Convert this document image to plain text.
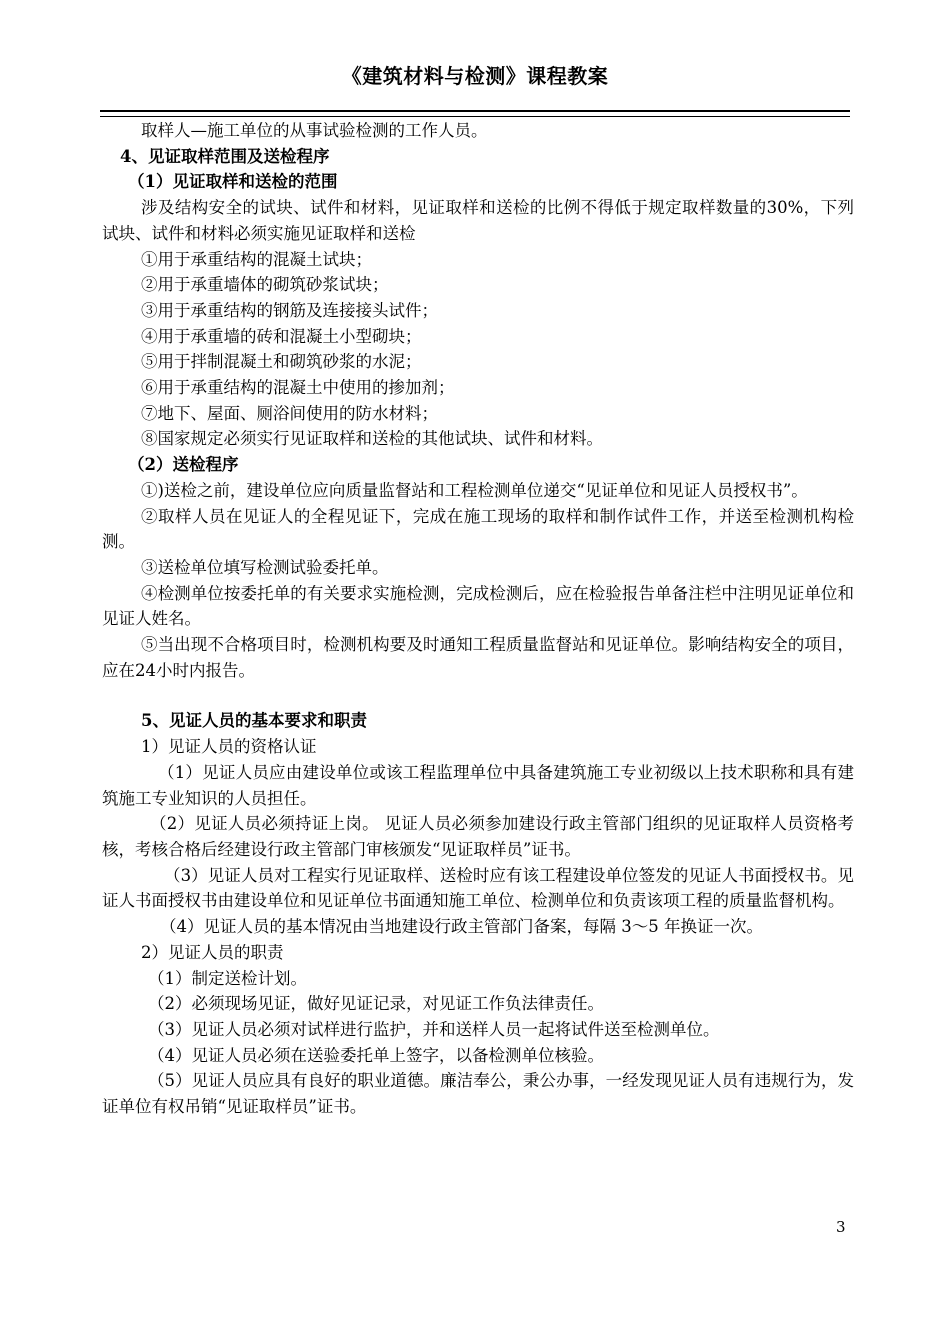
《建筑材料与检测》课程教案

取样人—施工单位的从事试验检测的工作人员。

4、见证取样范围及送检程序

（1）见证取样和送检的范围

涉及结构安全的试块、试件和材料，见证取样和送检的比例不得低于规定取样数量的30%，下列试块、试件和材料必须实施见证取样和送检

①用于承重结构的混凝土试块；

②用于承重墙体的砌筑砂浆试块；

③用于承重结构的钢筋及连接接头试件；

④用于承重墙的砖和混凝土小型砌块；

⑤用于拌制混凝土和砌筑砂浆的水泥；

⑥用于承重结构的混凝土中使用的掺加剂；

⑦地下、屋面、厕浴间使用的防水材料；

⑧国家规定必须实行见证取样和送检的其他试块、试件和材料。

（2）送检程序

①)送检之前，建设单位应向质量监督站和工程检测单位递交“见证单位和见证人员授权书”。

②取样人员在见证人的全程见证下，完成在施工现场的取样和制作试件工作，并送至检测机构检测。

③送检单位填写检测试验委托单。

④检测单位按委托单的有关要求实施检测，完成检测后，应在检验报告单备注栏中注明见证单位和见证人姓名。

⑤当出现不合格项目时，检测机构要及时通知工程质量监督站和见证单位。影响结构安全的项目，应在24小时内报告。

5、见证人员的基本要求和职责

1）见证人员的资格认证

（1）见证人员应由建设单位或该工程监理单位中具备建筑施工专业初级以上技术职称和具有建筑施工专业知识的人员担任。

（2）见证人员必须持证上岗。 见证人员必须参加建设行政主管部门组织的见证取样人员资格考核，考核合格后经建设行政主管部门审核颁发“见证取样员”证书。

（3）见证人员对工程实行见证取样、送检时应有该工程建设单位签发的见证人书面授权书。见证人书面授权书由建设单位和见证单位书面通知施工单位、检测单位和负责该项工程的质量监督机构。

（4）见证人员的基本情况由当地建设行政主管部门备案，每隔 3～5 年换证一次。

2）见证人员的职责

（1）制定送检计划。

（2）必须现场见证，做好见证记录，对见证工作负法律责任。

（3）见证人员必须对试样进行监护，并和送样人员一起将试件送至检测单位。

（4）见证人员必须在送验委托单上签字，以备检测单位核验。

（5）见证人员应具有良好的职业道德。廉洁奉公，秉公办事，一经发现见证人员有违规行为，发证单位有权吊销“见证取样员”证书。

3
